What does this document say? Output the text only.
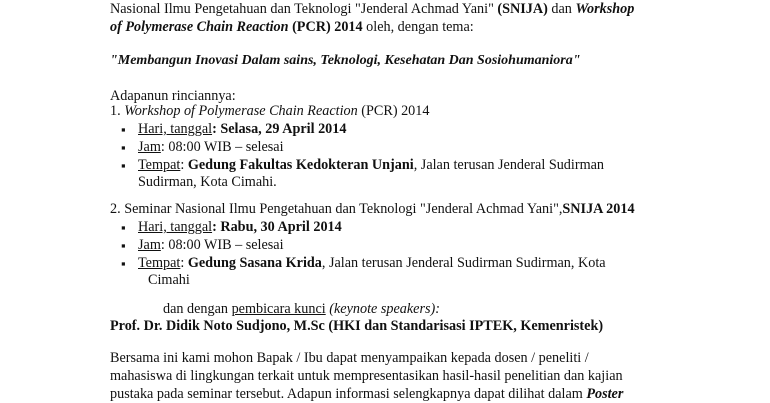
Nasional Ilmu Pengetahuan dan Teknologi "Jenderal Achmad Yani" (SNIJA) dan Workshop
of Polymerase Chain Reaction (PCR) 2014 oleh, dengan tema:
"Membangun Inovasi Dalam sains, Teknologi, Kesehatan Dan Sosiohumaniora"
Adapanun rinciannya:
1. Workshop of Polymerase Chain Reaction (PCR) 2014
▪ Hari, tanggal: Selasa, 29 April 2014
▪ Jam: 08:00 WIB – selesai
▪ Tempat: Gedung Fakultas Kedokteran Unjani, Jalan terusan Jenderal Sudirman
Sudirman, Kota Cimahi.
2. Seminar Nasional Ilmu Pengetahuan dan Teknologi "Jenderal Achmad Yani",SNIJA 2014
▪ Hari, tanggal: Rabu, 30 April 2014
▪ Jam: 08:00 WIB – selesai
▪ Tempat: Gedung Sasana Krida, Jalan terusan Jenderal Sudirman Sudirman, Kota
Cimahi
dan dengan pembicara kunci (keynote speakers):
Prof. Dr. Didik Noto Sudjono, M.Sc (HKI dan Standarisasi IPTEK, Kemenristek)
Bersama ini kami mohon Bapak / Ibu dapat menyampaikan kepada dosen / peneliti /
mahasiswa di lingkungan terkait untuk mempresentasikan hasil-hasil penelitian dan kajian
pustaka pada seminar tersebut. Adapun informasi selengkapnya dapat dilihat dalam Poster
